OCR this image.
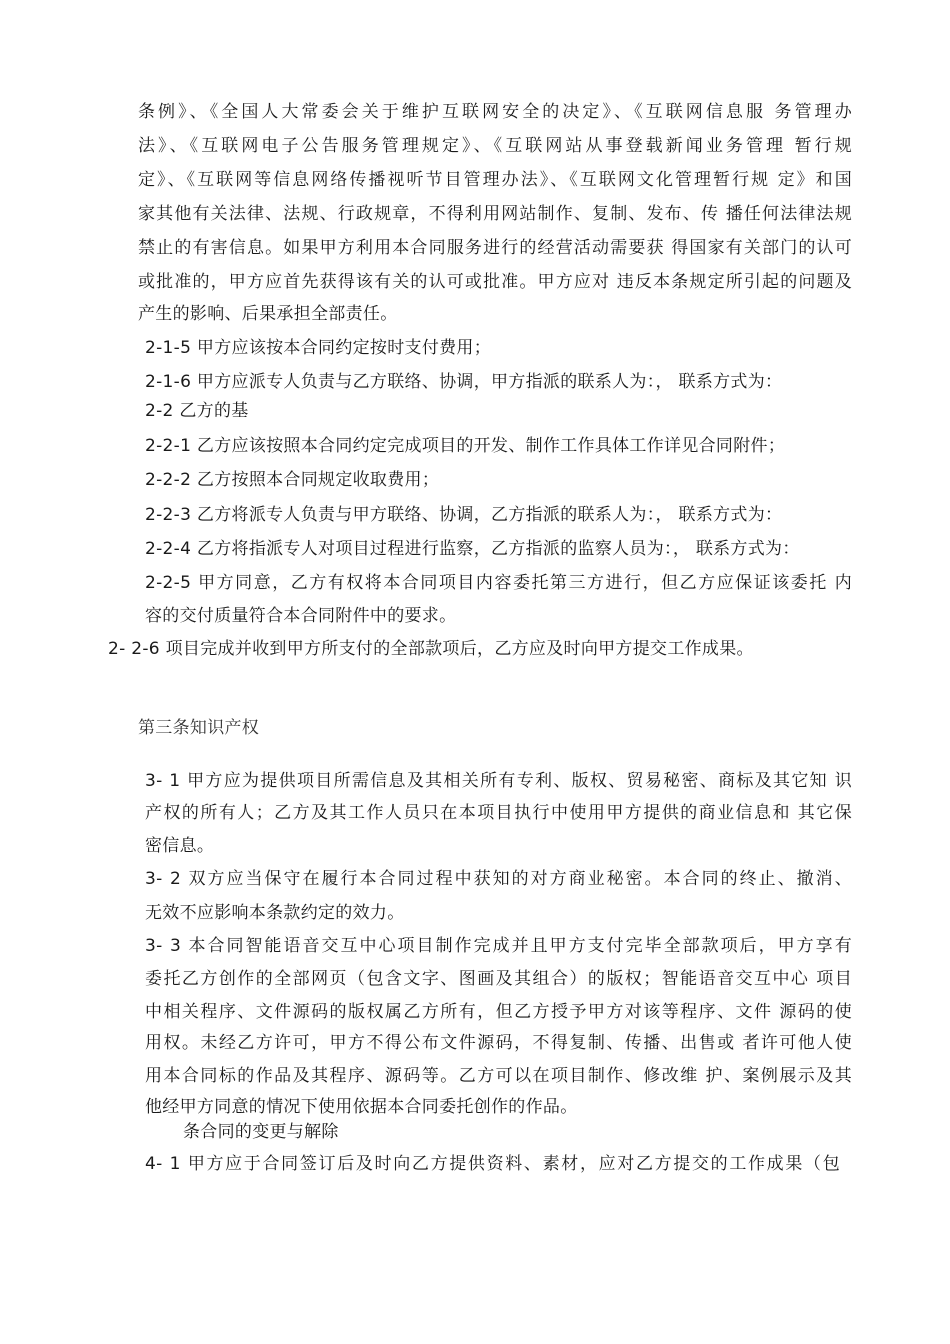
条例》、《全国人大常委会关于维护互联网安全的决定》、《互联网信息服 务管理办
法》、《互联网电子公告服务管理规定》、《互联网站从事登载新闻业务管理 暂行规
定》、《互联网等信息网络传播视听节目管理办法》、《互联网文化管理暂行规 定》和国
家其他有关法律、法规、行政规章，不得利用网站制作、复制、发布、传 播任何法律法规
禁止的有害信息。如果甲方利用本合同服务进行的经营活动需要获 得国家有关部门的认可
或批准的，甲方应首先获得该有关的认可或批准。甲方应对 违反本条规定所引起的问题及
产生的影响、后果承担全部责任。
2-1-5 甲方应该按本合同约定按时支付费用；
2-1-6 甲方应派专人负责与乙方联络、协调，甲方指派的联系人为：， 联系方式为：
2-2 乙方的基
2-2-1 乙方应该按照本合同约定完成项目的开发、制作工作具体工作详见合同附件；
2-2-2 乙方按照本合同规定收取费用；
2-2-3 乙方将派专人负责与甲方联络、协调，乙方指派的联系人为：， 联系方式为：
2-2-4 乙方将指派专人对项目过程进行监察，乙方指派的监察人员为：， 联系方式为：
2-2-5 甲方同意，乙方有权将本合同项目内容委托第三方进行，但乙方应保证该委托 内
容的交付质量符合本合同附件中的要求。
2- 2-6 项目完成并收到甲方所支付的全部款项后，乙方应及时向甲方提交工作成果。
第三条知识产权
3- 1 甲方应为提供项目所需信息及其相关所有专利、版权、贸易秘密、商标及其它知 识
产权的所有人；乙方及其工作人员只在本项目执行中使用甲方提供的商业信息和 其它保
密信息。
3- 2 双方应当保守在履行本合同过程中获知的对方商业秘密。本合同的终止、撤消、
无效不应影响本条款约定的效力。
3- 3 本合同智能语音交互中心项目制作完成并且甲方支付完毕全部款项后，甲方享有
委托乙方创作的全部网页（包含文字、图画及其组合）的版权；智能语音交互中心 项目
中相关程序、文件源码的版权属乙方所有，但乙方授予甲方对该等程序、文件 源码的使
用权。未经乙方许可，甲方不得公布文件源码，不得复制、传播、出售或 者许可他人使
用本合同标的作品及其程序、源码等。乙方可以在项目制作、修改维 护、案例展示及其
他经甲方同意的情况下使用依据本合同委托创作的作品。
条合同的变更与解除
4- 1 甲方应于合同签订后及时向乙方提供资料、素材，应对乙方提交的工作成果（包
